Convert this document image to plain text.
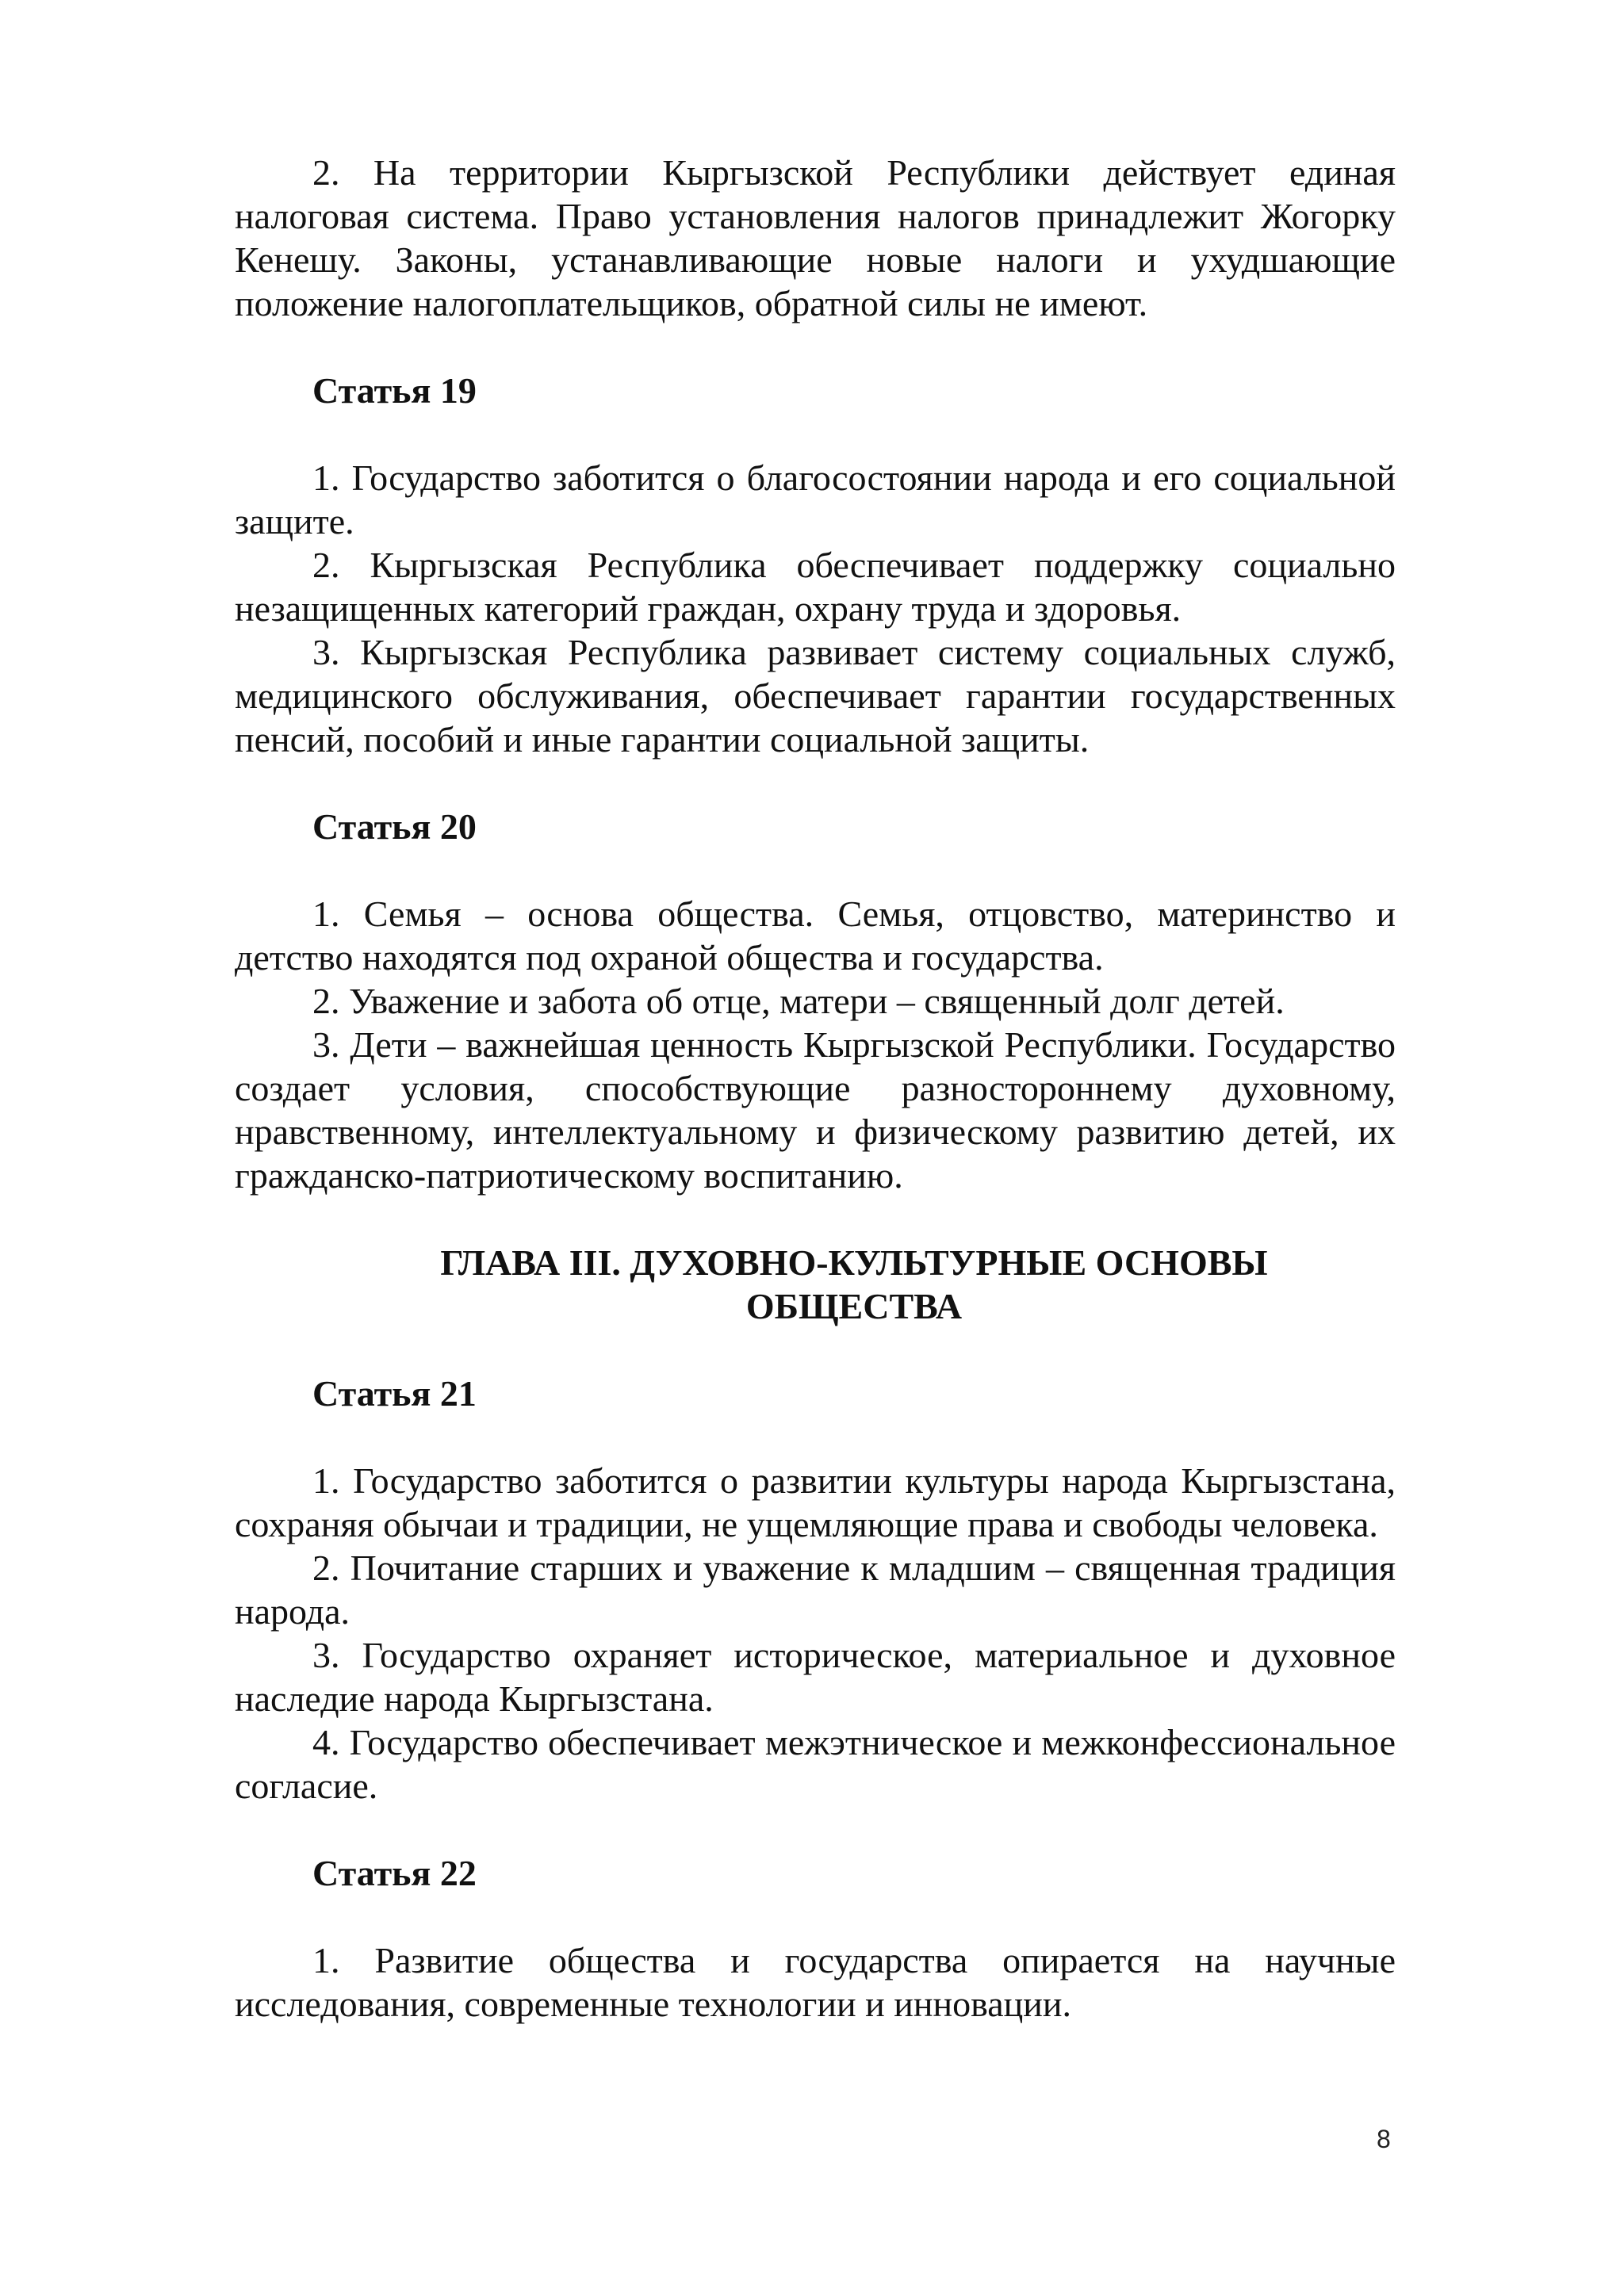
2. На территории Кыргызской Республики действует единая налоговая система. Право установления налогов принадлежит Жогорку Кенешу. Законы, устанавливающие новые налоги и ухудшающие положение налогоплательщиков, обратной силы не имеют.

Статья 19

1. Государство заботится о благосостоянии народа и его социальной защите.

2. Кыргызская Республика обеспечивает поддержку социально незащищенных категорий граждан, охрану труда и здоровья.

3. Кыргызская Республика развивает систему социальных служб, медицинского обслуживания, обеспечивает гарантии государственных пенсий, пособий и иные гарантии социальной защиты.

Статья 20

1. Семья – основа общества. Семья, отцовство, материнство и детство находятся под охраной общества и государства.

2. Уважение и забота об отце, матери – священный долг детей.

3. Дети – важнейшая ценность Кыргызской Республики. Государство создает условия, способствующие разностороннему духовному, нравственному, интеллектуальному и физическому развитию детей, их гражданско-патриотическому воспитанию.

ГЛАВА III. ДУХОВНО-КУЛЬТУРНЫЕ ОСНОВЫ

ОБЩЕСТВА

Статья 21

1. Государство заботится о развитии культуры народа Кыргызстана, сохраняя обычаи и традиции, не ущемляющие права и свободы человека.

2. Почитание старших и уважение к младшим – священная традиция народа.

3. Государство охраняет историческое, материальное и духовное наследие народа Кыргызстана.

4. Государство обеспечивает межэтническое и межконфессиональное согласие.

Статья 22

1. Развитие общества и государства опирается на научные исследования, современные технологии и инновации.

8
